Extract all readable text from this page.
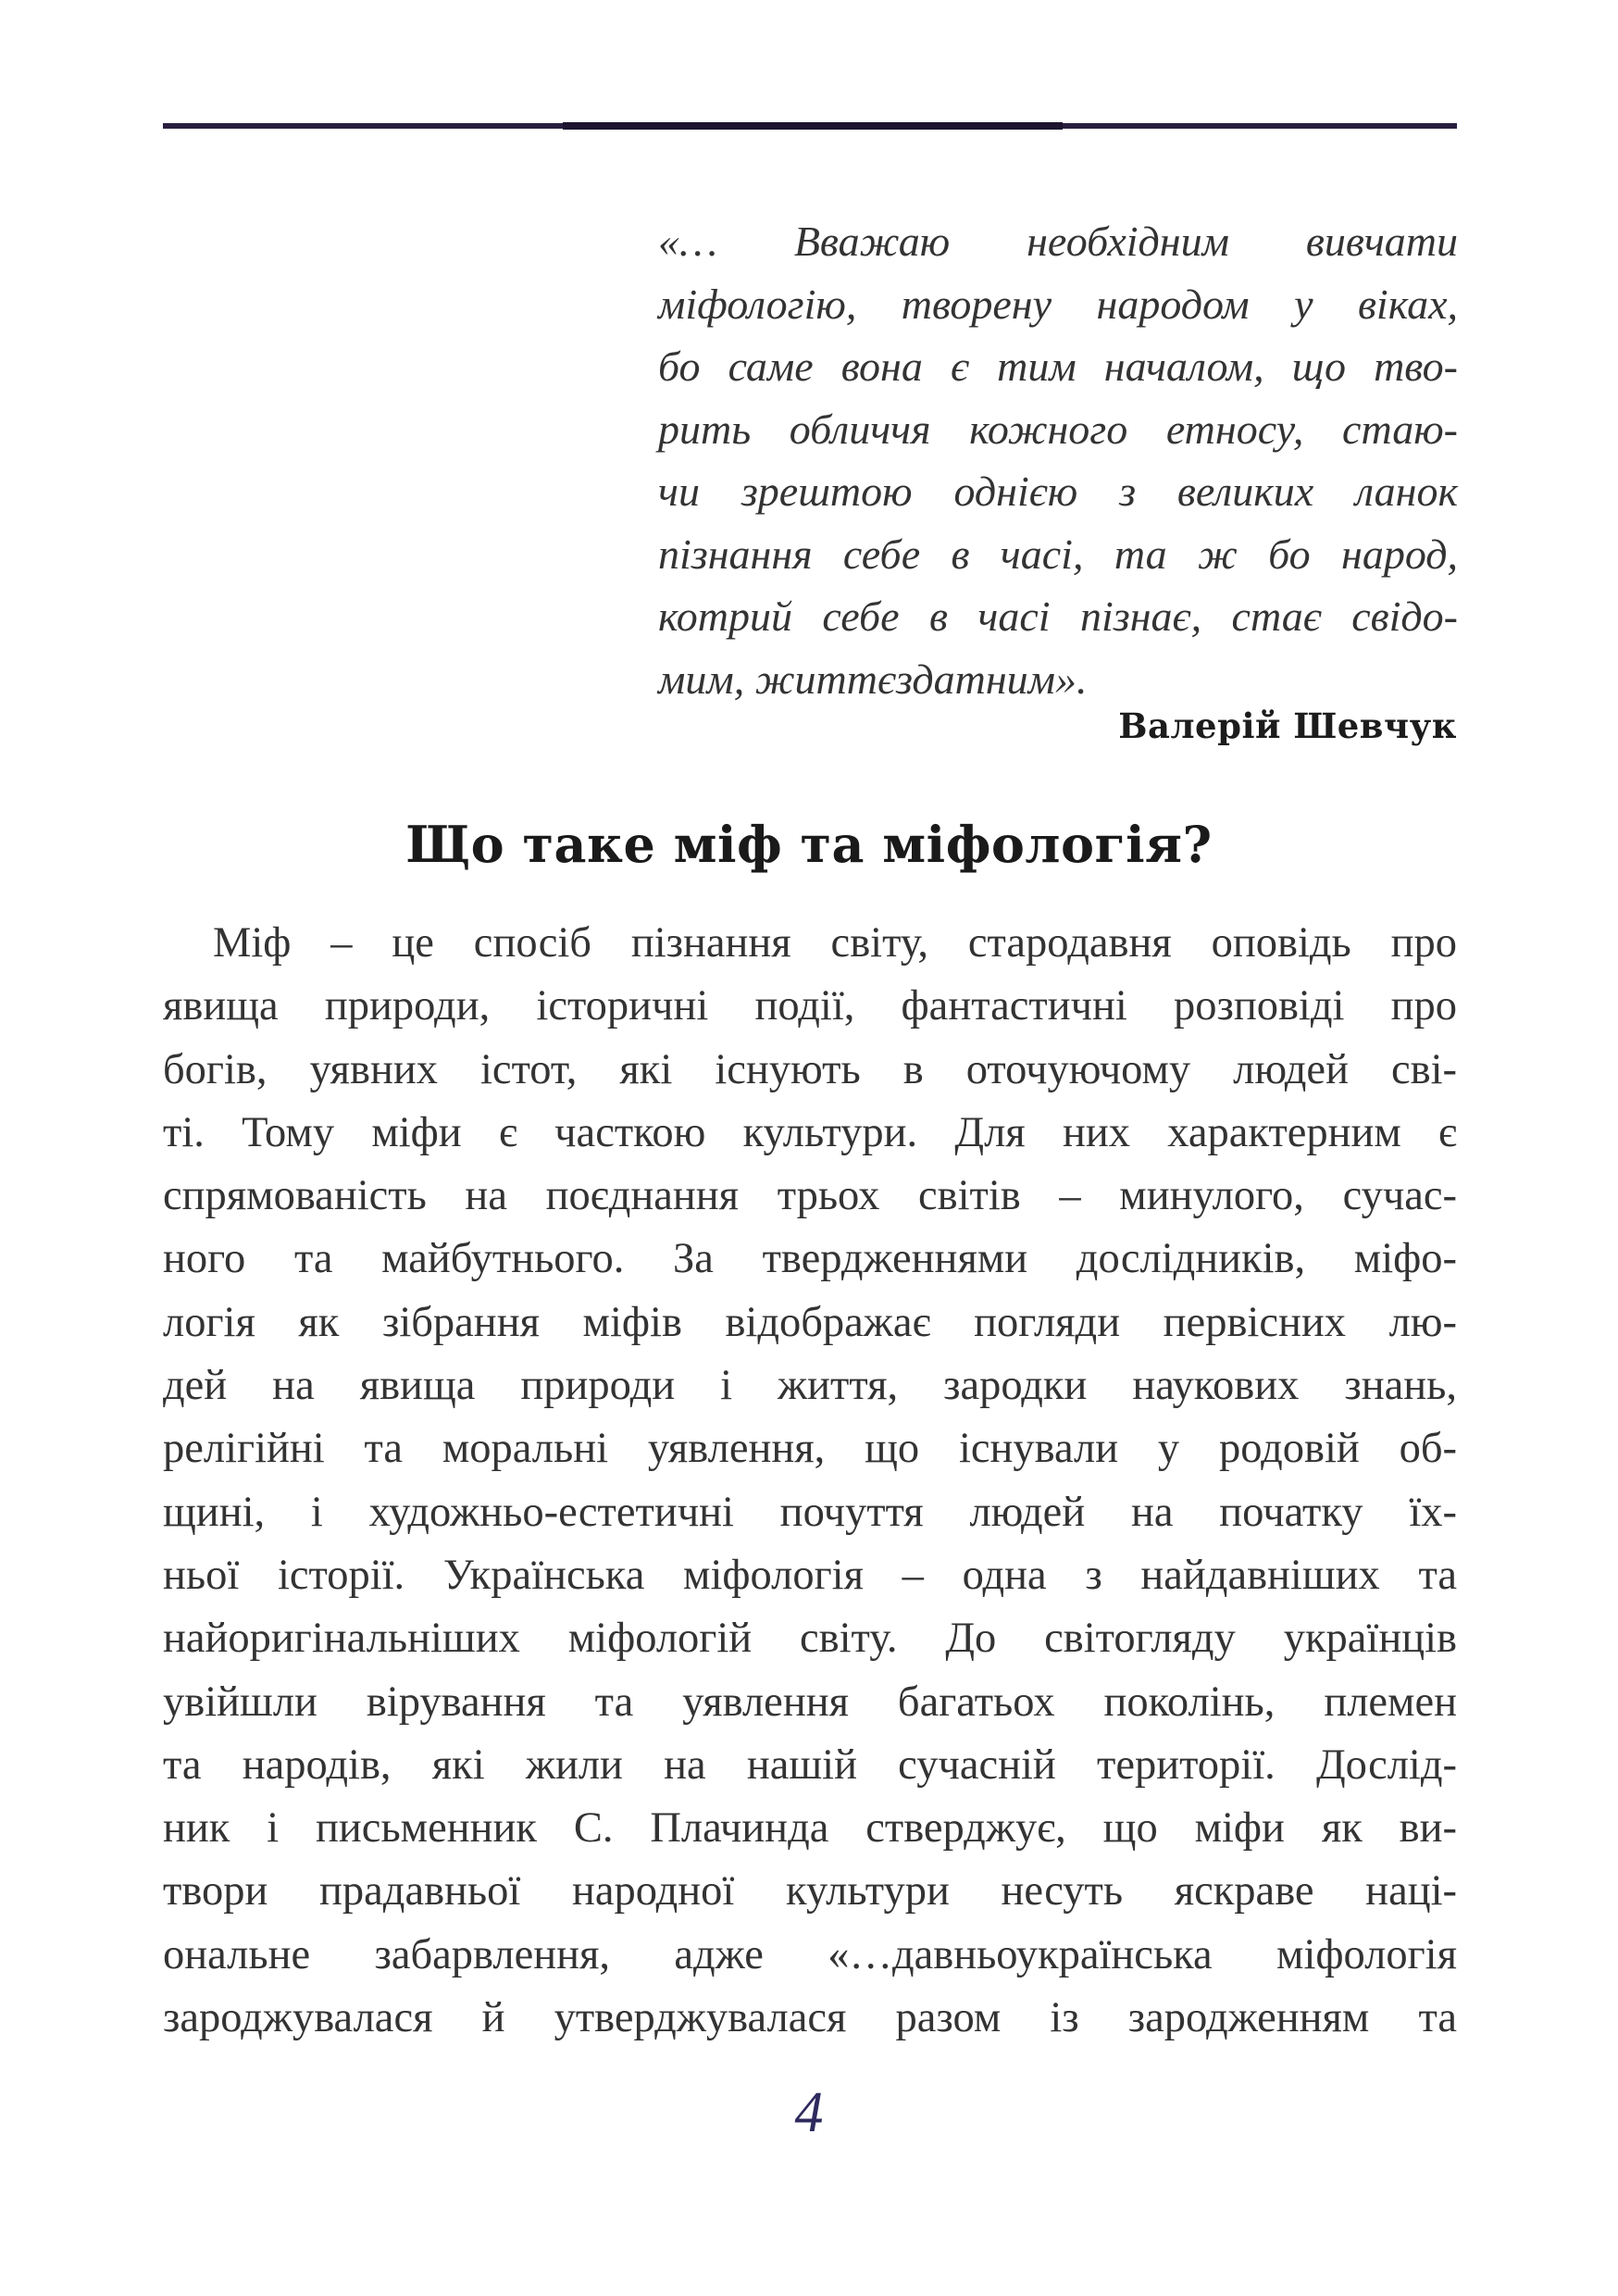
«… Вважаю необхідним вивчати
міфологію, творену народом у віках,
бо саме вона є тим началом, що тво-
рить обличчя кожного етносу, стаю-
чи зрештою однією з великих ланок
пізнання себе в часі, та ж бо народ,
котрий себе в часі пізнає, стає свідо-
мим, життєздатним».
Валерій Шевчук
Що таке міф та міфологія?
Міф – це спосіб пізнання світу, стародавня оповідь про
явища природи, історичні події, фантастичні розповіді про
богів, уявних істот, які існують в оточуючому людей сві-
ті. Тому міфи є часткою культури. Для них характерним є
спрямованість на поєднання трьох світів – минулого, сучас-
ного та майбутнього. За твердженнями дослідників, міфо-
логія як зібрання міфів відображає погляди первісних лю-
дей на явища природи і життя, зародки наукових знань,
релігійні та моральні уявлення, що існували у родовій об-
щині, і художньо-естетичні почуття людей на початку їх-
ньої історії. Українська міфологія – одна з найдавніших та
найоригінальніших міфологій світу. До світогляду українців
увійшли вірування та уявлення багатьох поколінь, племен
та народів, які жили на нашій сучасній території. Дослід-
ник і письменник С. Плачинда стверджує, що міфи як ви-
твори прадавньої народної культури несуть яскраве наці-
ональне забарвлення, адже «…давньоукраїнська міфологія
зароджувалася й утверджувалася разом із зародженням та
4
